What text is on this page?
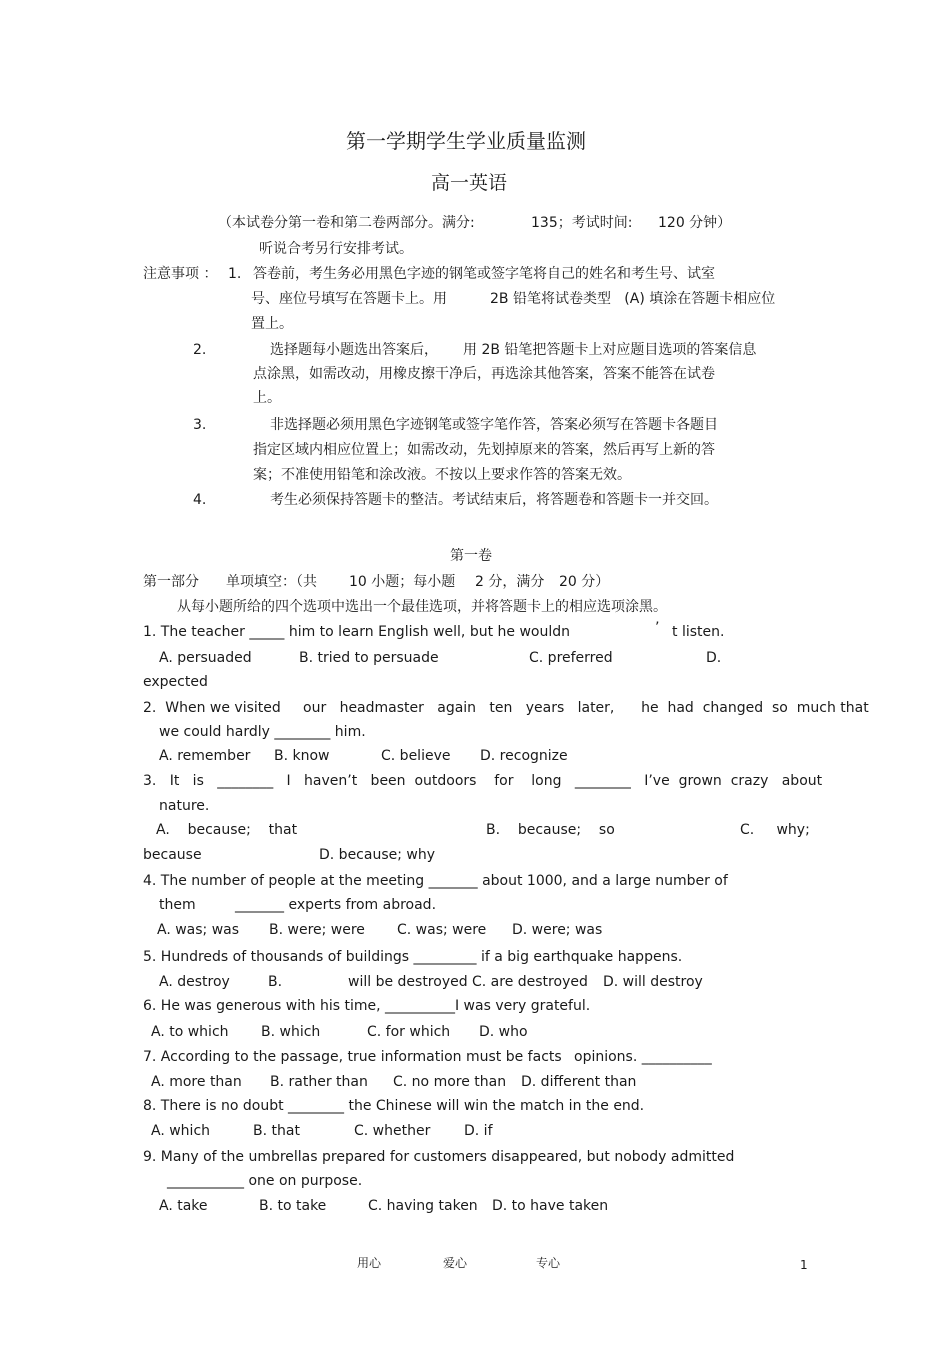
第一学期学生学业质量监测
高一英语
（本试卷分第一卷和第二卷两部分。满分:	135；考试时间: 120 分钟）
听说合考另行安排考试。
注意事项 ： 1. 答卷前，考生务必用黑色字迹的钢笔或签字笔将自己的姓名和考生号、试室
号、座位号填写在答题卡上。用	2B 铅笔将试卷类型   (A) 填涂在答题卡相应位
置上。
2.	选择题每小题选出答案后， 用 2B 铅笔把答题卡上对应题目选项的答案信息
点涂黑，如需改动，用橡皮擦干净后，再选涂其他答案，答案不能答在试卷
上。
3.	非选择题必须用黑色字迹钢笔或签字笔作答，答案必须写在答题卡各题目
指定区域内相应位置上；如需改动，先划掉原来的答案，然后再写上新的答
案；不准使用铅笔和涂改液。不按以上要求作答的答案无效。
4.	考生必须保持答题卡的整洁。考试结束后，将答题卷和答题卡一并交回。
第一卷
第一部分 单项填空：（共 10 小题；每小题 2 分，满分 20 分）
从每小题所给的四个选项中选出一个最佳选项，并将答题卡上的相应选项涂黑。
1. The teacher _____ him to learn English well, but he wouldn	’ t listen.
A. persuaded	B. tried to persuade	C. preferred	D.
expected
2.  When we visited     our   headmaster   again   ten   years   later,      he  had  changed  so  much that
we could hardly ________ him.
A. remember B. know	C. believe D. recognize
3.   It   is   ________   I   haven’t   been  outdoors    for    long   ________   I’ve  grown  crazy   about
nature.
A.    because;    that	B.    because;    so	C.     why;
because	D. because; why
4. The number of people at the meeting _______ about 1000, and a large number of
them	_______ experts from abroad.
A. was; was B. were; were C. was; were D. were; was
5. Hundreds of thousands of buildings _________ if a big earthquake happens.
A. destroy	B.	will be destroyed C. are destroyed D. will destroy
6. He was generous with his time, __________I was very grateful.
A. to which B. which	C. for which D. who
7. According to the passage, true information must be facts opinions. __________
A. more than B. rather than C. no more than D. different than
8. There is no doubt ________ the Chinese will win the match in the end.
A. which	B. that	C. whether D. if
9. Many of the umbrellas prepared for customers disappeared, but nobody admitted
___________ one on purpose.
A. take	B. to take	C. having taken D. to have taken
用心	爱心	专心	1
